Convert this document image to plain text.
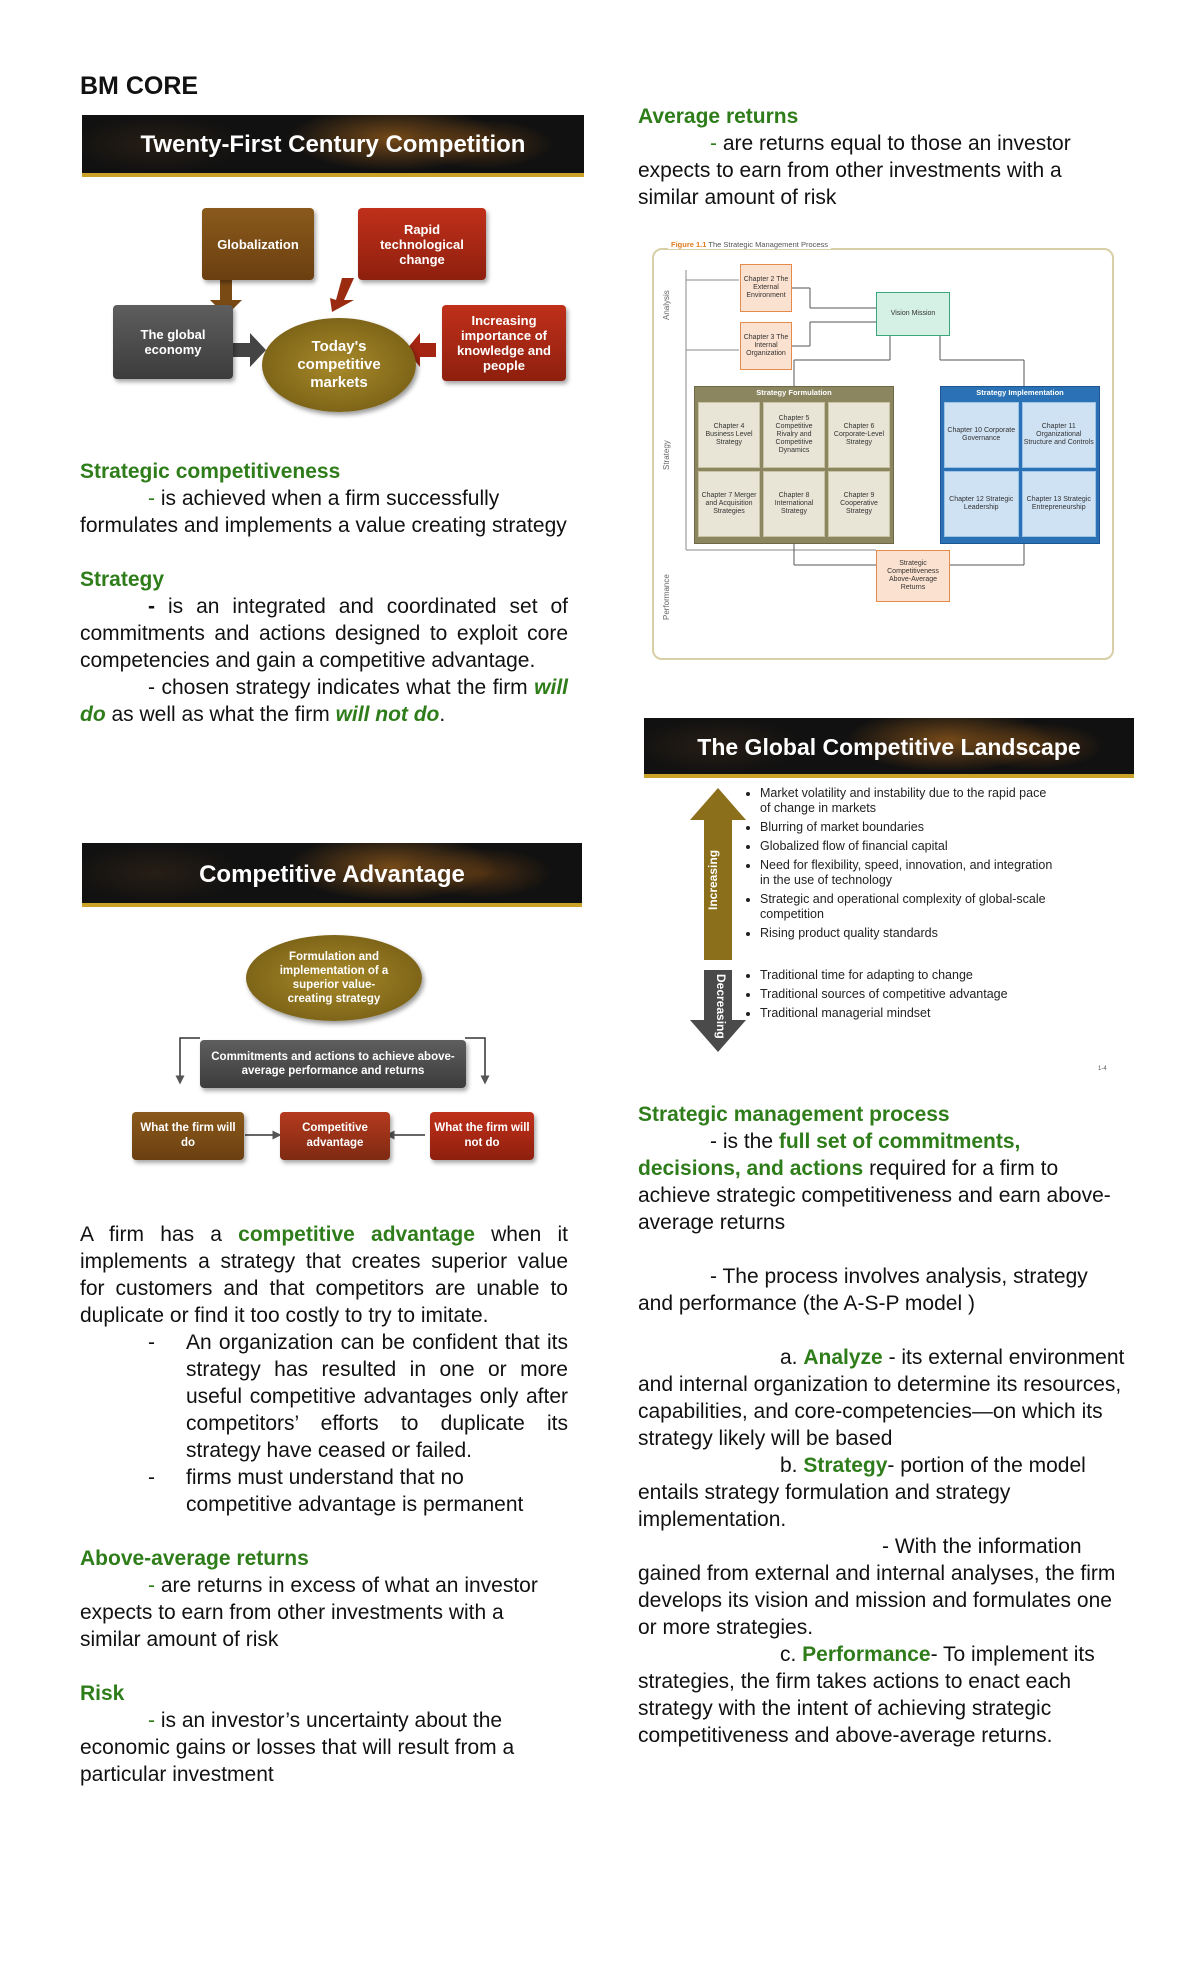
BM CORE
Twenty-First Century Competition
Globalization
Rapid technological change
The global economy
Increasing importance of knowledge and people
Today's competitive markets

Strategic competitiveness

- is achieved when a firm successfully formulates and implements a value creating strategy

Strategy

- is an integrated and coordinated set of commitments and actions designed to exploit core competencies and gain a competitive advantage.

- chosen strategy indicates what the firm will do as well as what the firm will not do.

Competitive Advantage
Formulation and implementation of a superior value-creating strategy
Commitments and actions to achieve above-average performance and returns
What the firm will do
Competitive advantage
What the firm will not do

A firm has a competitive advantage when it implements a strategy that creates superior value for customers and that competitors are unable to duplicate or find it too costly to try to imitate.

-	An organization can be confident that its strategy has resulted in one or more useful competitive advantages only after competitors’ efforts to duplicate its strategy have ceased or failed.
-	firms must understand that no competitive advantage is permanent

Above-average returns

- are returns in excess of what an investor expects to earn from other investments with a similar amount of risk

Risk

- is an investor’s uncertainty about the economic gains or losses that will result from a particular investment

Average returns

- are returns equal to those an investor expects to earn from other investments with a similar amount of risk

Figure 1.1 The Strategic Management Process
Analysis
Strategy
Performance
Chapter 2 The External Environment
Chapter 3 The Internal Organization
Vision Mission
Strategy Formulation
Chapter 4 Business Level Strategy
Chapter 5 Competitive Rivalry and Competitive Dynamics
Chapter 6 Corporate-Level Strategy
Chapter 7 Merger and Acquisition Strategies
Chapter 8 International Strategy
Chapter 9 Cooperative Strategy
Strategy Implementation
Chapter 10 Corporate Governance
Chapter 11 Organizational Structure and Controls
Chapter 12 Strategic Leadership
Chapter 13 Strategic Entrepreneurship
Strategic Competitiveness Above-Average Returns
The Global Competitive Landscape
Increasing
Decreasing
• Market volatility and instability due to the rapid pace of change in markets
• Blurring of market boundaries
• Globalized flow of financial capital
• Need for flexibility, speed, innovation, and integration in the use of technology
• Strategic and operational complexity of global-scale competition
• Rising product quality standards
• Traditional time for adapting to change
• Traditional sources of competitive advantage
• Traditional managerial mindset
1-4

Strategic management process

- is the full set of commitments, decisions, and actions required for a firm to achieve strategic competitiveness and earn above-average returns

- The process involves analysis, strategy and performance (the A-S-P model )

a. Analyze - its external environment and internal organization to determine its resources, capabilities, and core-competencies—on which its strategy likely will be based

b. Strategy- portion of the model entails strategy formulation and strategy implementation.

- With the information gained from external and internal analyses, the firm develops its vision and mission and formulates one or more strategies.

c. Performance- To implement its strategies, the firm takes actions to enact each strategy with the intent of achieving strategic competitiveness and above-average returns.
